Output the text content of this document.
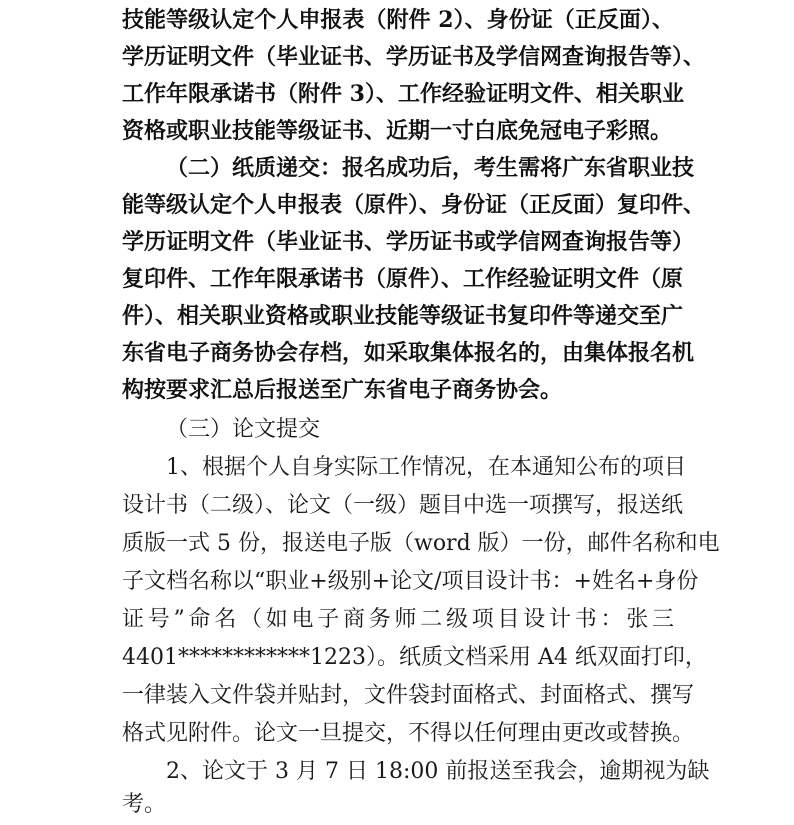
技能等级认定个人申报表（附件 2）、身份证（正反面）、
学历证明文件（毕业证书、学历证书及学信网查询报告等）、
工作年限承诺书（附件 3）、工作经验证明文件、相关职业
资格或职业技能等级证书、近期一寸白底免冠电子彩照。
（二）纸质递交：报名成功后，考生需将广东省职业技
能等级认定个人申报表（原件）、身份证（正反面）复印件、
学历证明文件（毕业证书、学历证书或学信网查询报告等）
复印件、工作年限承诺书（原件）、工作经验证明文件（原
件）、相关职业资格或职业技能等级证书复印件等递交至广
东省电子商务协会存档，如采取集体报名的，由集体报名机
构按要求汇总后报送至广东省电子商务协会。
（三）论文提交
1、根据个人自身实际工作情况，在本通知公布的项目
设计书（二级）、论文（一级）题目中选一项撰写，报送纸
质版一式 5 份，报送电子版（word 版）一份，邮件名称和电
子文档名称以“职业+级别+论文/项目设计书：+姓名+身份
证号”命名（如电子商务师二级项目设计书：张三
4401************1223）。纸质文档采用 A4 纸双面打印，
一律装入文件袋并贴封，文件袋封面格式、封面格式、撰写
格式见附件。论文一旦提交，不得以任何理由更改或替换。
2、论文于 3 月 7 日 18:00 前报送至我会，逾期视为缺
考。
